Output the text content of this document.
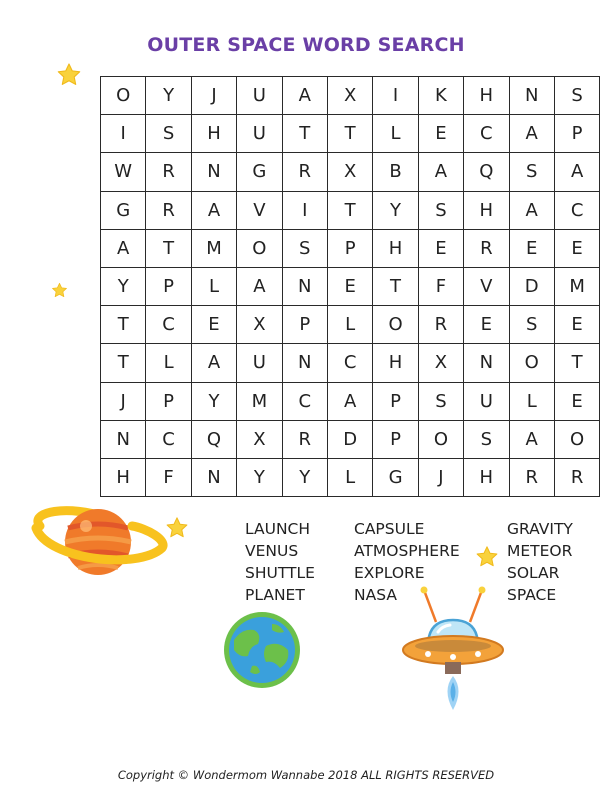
OUTER SPACE WORD SEARCH
O	Y	J	U	A	X	I	K	H	N	S
I	S	H	U	T	T	L	E	C	A	P
W	R	N	G	R	X	B	A	Q	S	A
G	R	A	V	I	T	Y	S	H	A	C
A	T	M	O	S	P	H	E	R	E	E
Y	P	L	A	N	E	T	F	V	D	M
T	C	E	X	P	L	O	R	E	S	E
T	L	A	U	N	C	H	X	N	O	T
J	P	Y	M	C	A	P	S	U	L	E
N	C	Q	X	R	D	P	O	S	A	O
H	F	N	Y	Y	L	G	J	H	R	R
LAUNCH
VENUS
SHUTTLE
PLANET
CAPSULE
ATMOSPHERE
EXPLORE
NASA
GRAVITY
METEOR
SOLAR
SPACE
Copyright © Wondermom Wannabe 2018 ALL RIGHTS RESERVED
